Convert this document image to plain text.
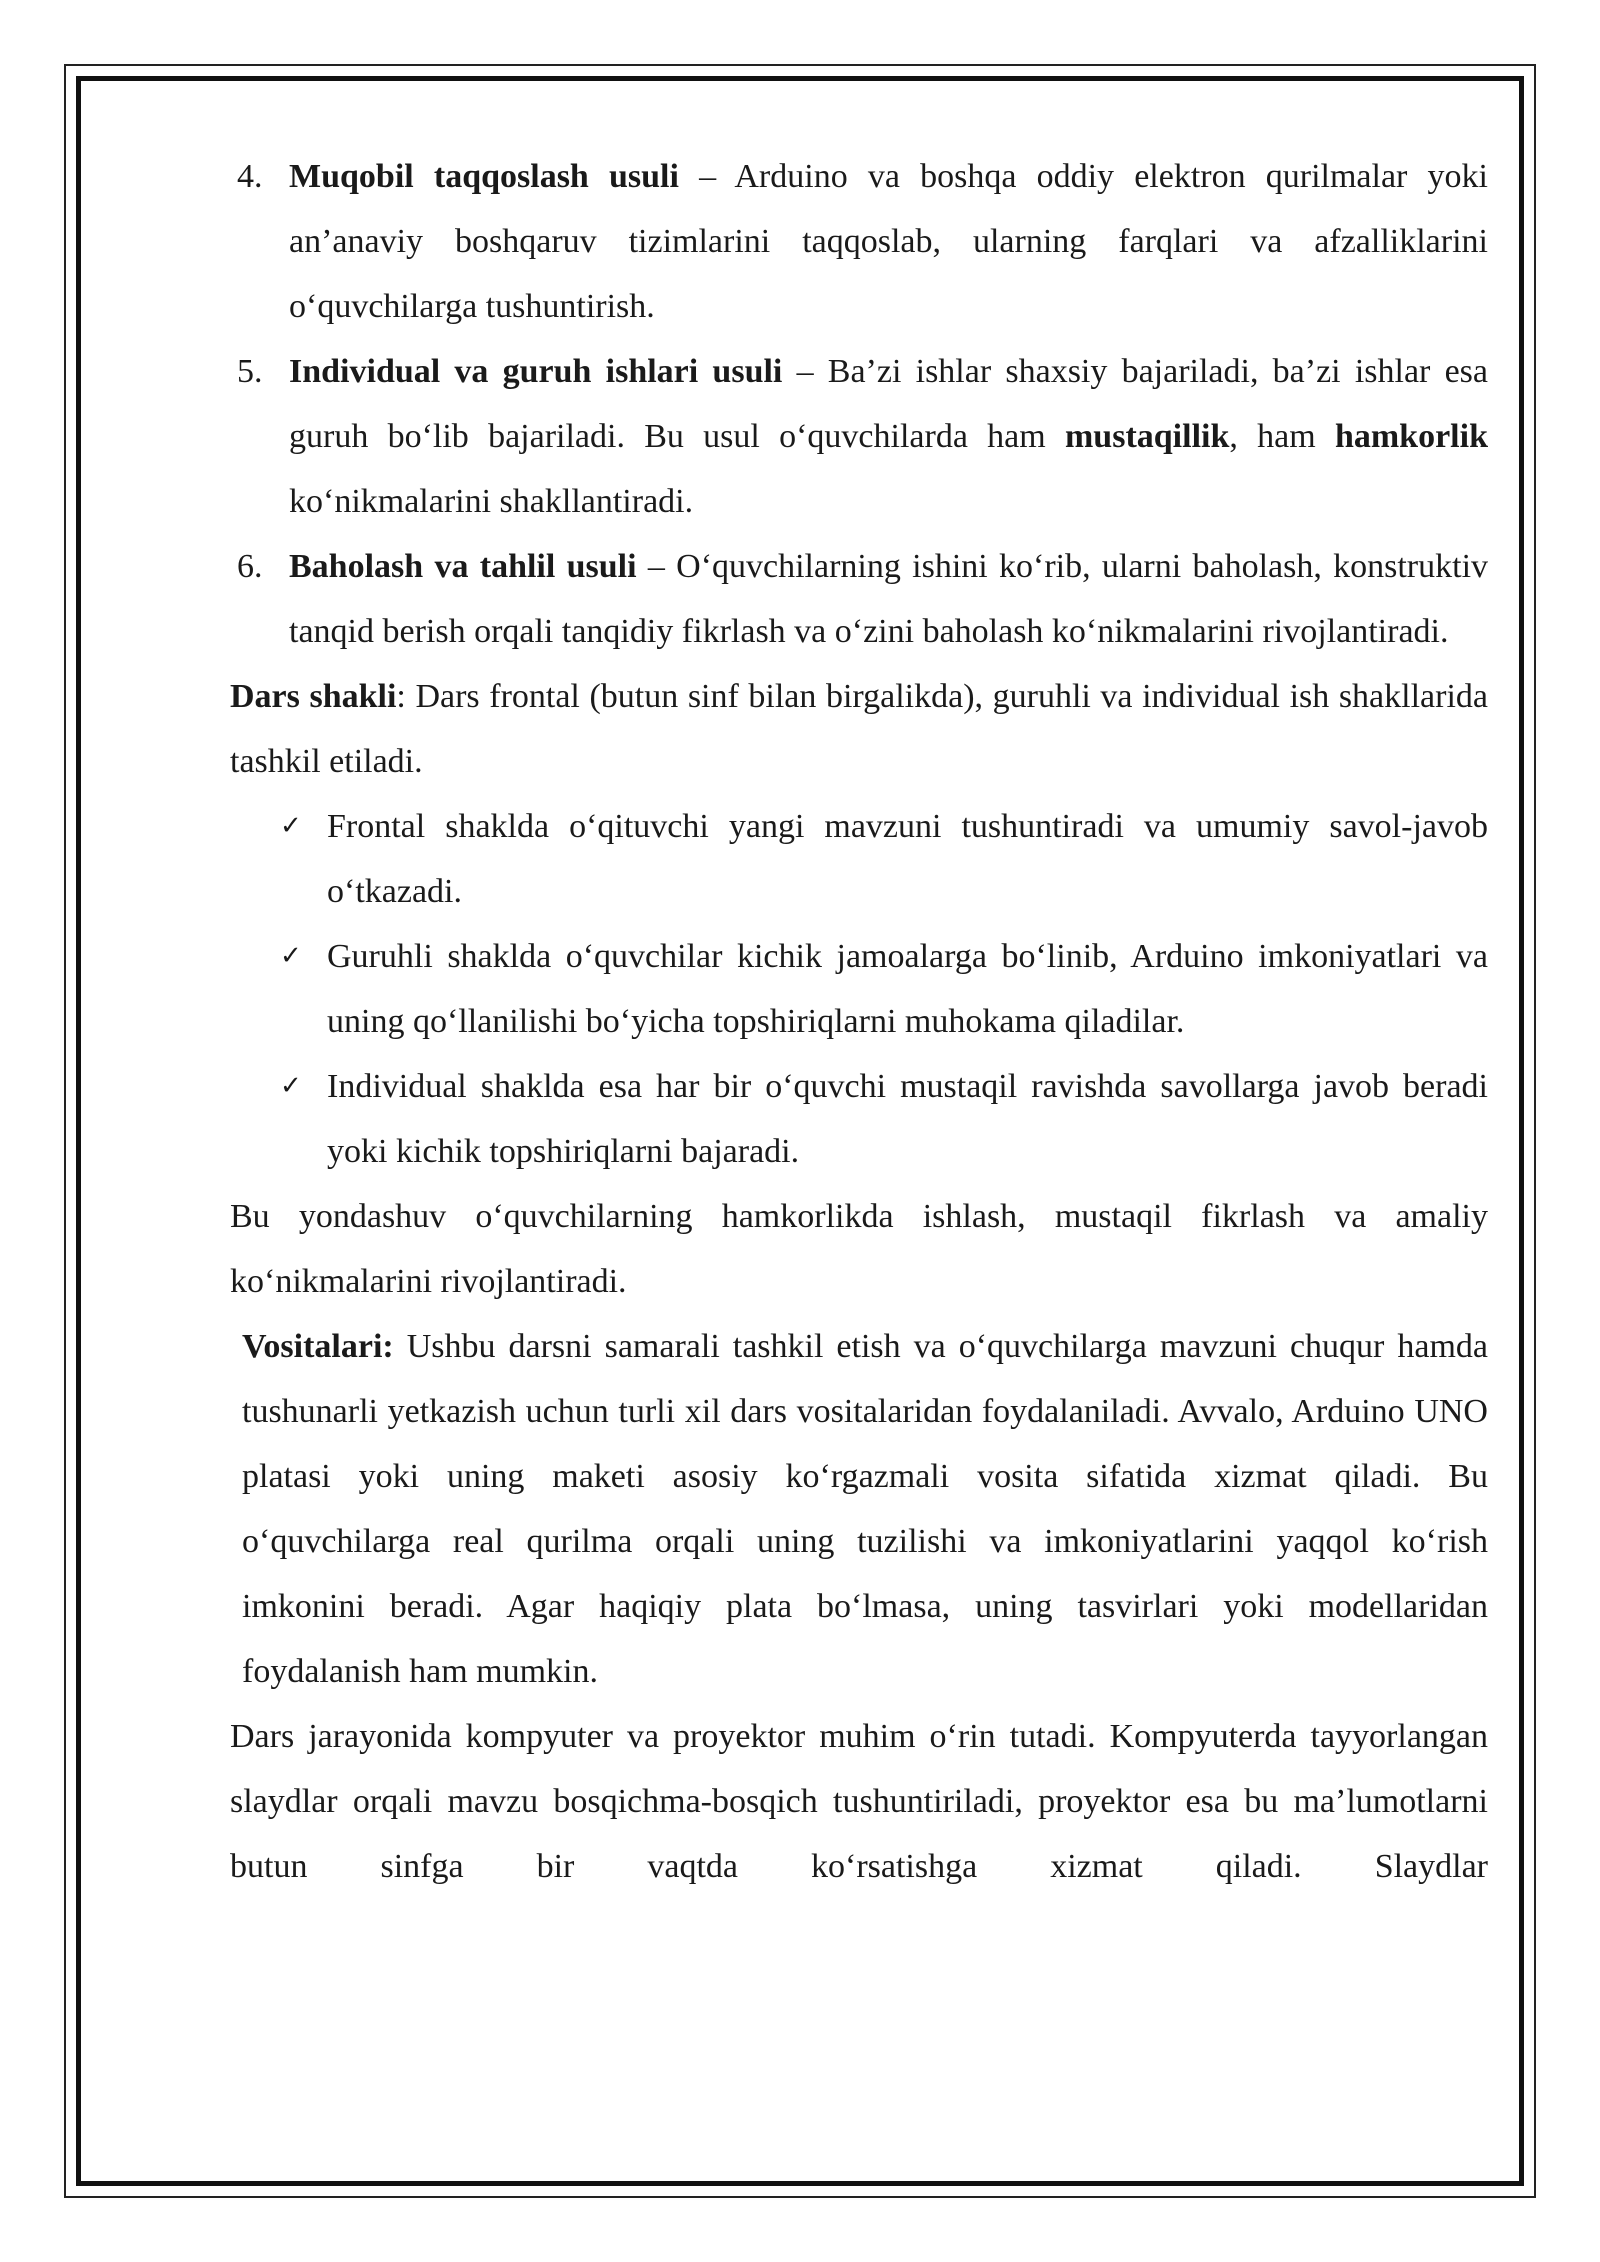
4. Muqobil taqqoslash usuli – Arduino va boshqa oddiy elektron qurilmalar yoki an’anaviy boshqaruv tizimlarini taqqoslab, ularning farqlari va afzalliklarini o‘quvchilarga tushuntirish.

5. Individual va guruh ishlari usuli – Ba’zi ishlar shaxsiy bajariladi, ba’zi ishlar esa guruh bo‘lib bajariladi. Bu usul o‘quvchilarda ham mustaqillik, ham hamkorlik ko‘nikmalarini shakllantiradi.

6. Baholash va tahlil usuli – O‘quvchilarning ishini ko‘rib, ularni baholash, konstruktiv tanqid berish orqali tanqidiy fikrlash va o‘zini baholash ko‘nikmalarini rivojlantiradi.

Dars shakli: Dars frontal (butun sinf bilan birgalikda), guruhli va individual ish shakllarida tashkil etiladi.

✓ Frontal shaklda o‘qituvchi yangi mavzuni tushuntiradi va umumiy savol-javob o‘tkazadi.

✓ Guruhli shaklda o‘quvchilar kichik jamoalarga bo‘linib, Arduino imkoniyatlari va uning qo‘llanilishi bo‘yicha topshiriqlarni muhokama qiladilar.

✓ Individual shaklda esa har bir o‘quvchi mustaqil ravishda savollarga javob beradi yoki kichik topshiriqlarni bajaradi.

Bu yondashuv o‘quvchilarning hamkorlikda ishlash, mustaqil fikrlash va amaliy ko‘nikmalarini rivojlantiradi.

Vositalari: Ushbu darsni samarali tashkil etish va o‘quvchilarga mavzuni chuqur hamda tushunarli yetkazish uchun turli xil dars vositalaridan foydalaniladi. Avvalo, Arduino UNO platasi yoki uning maketi asosiy ko‘rgazmali vosita sifatida xizmat qiladi. Bu o‘quvchilarga real qurilma orqali uning tuzilishi va imkoniyatlarini yaqqol ko‘rish imkonini beradi. Agar haqiqiy plata bo‘lmasa, uning tasvirlari yoki modellaridan foydalanish ham mumkin.

Dars jarayonida kompyuter va proyektor muhim o‘rin tutadi. Kompyuterda tayyorlangan slaydlar orqali mavzu bosqichma-bosqich tushuntiriladi, proyektor esa bu ma’lumotlarni butun sinfga bir vaqtda ko‘rsatishga xizmat qiladi. Slaydlar
